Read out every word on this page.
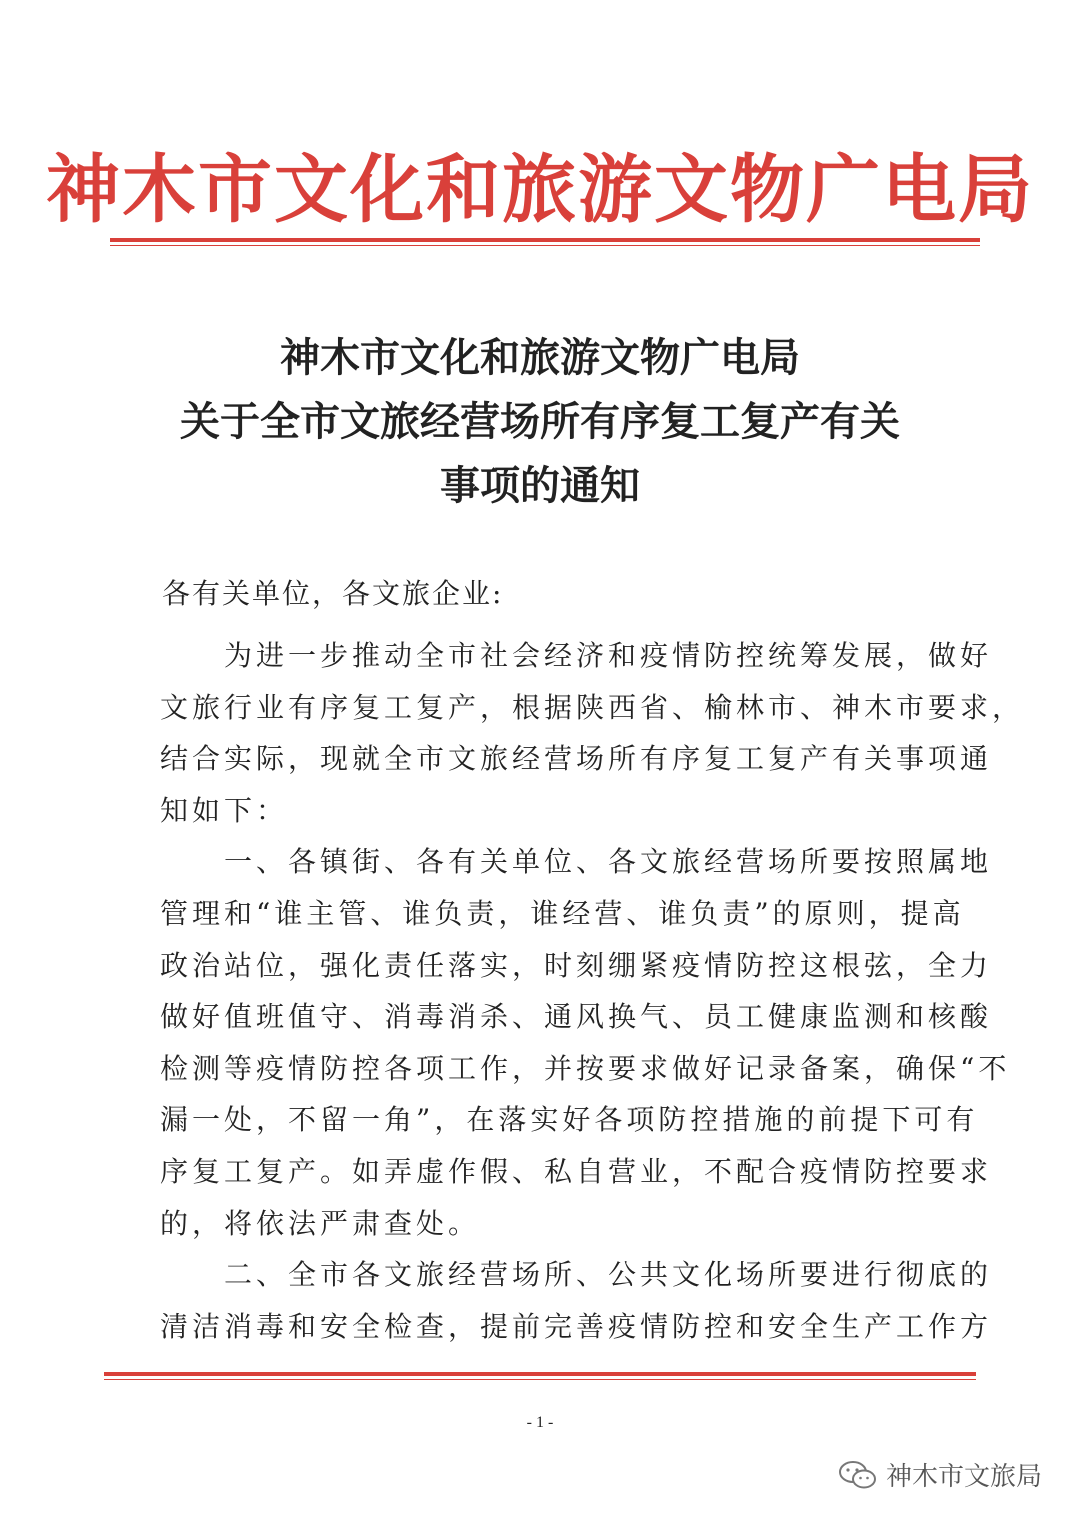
神木市文化和旅游文物广电局
神木市文化和旅游文物广电局
关于全市文旅经营场所有序复工复产有关
事项的通知
各有关单位，各文旅企业:
　　为进一步推动全市社会经济和疫情防控统筹发展，做好
文旅行业有序复工复产，根据陕西省、榆林市、神木市要求，
结合实际，现就全市文旅经营场所有序复工复产有关事项通
知如下：
　　一、各镇街、各有关单位、各文旅经营场所要按照属地
管理和“谁主管、谁负责，谁经营、谁负责”的原则，提高
政治站位，强化责任落实，时刻绷紧疫情防控这根弦，全力
做好值班值守、消毒消杀、通风换气、员工健康监测和核酸
检测等疫情防控各项工作，并按要求做好记录备案，确保“不
漏一处，不留一角”，在落实好各项防控措施的前提下可有
序复工复产。如弄虚作假、私自营业，不配合疫情防控要求
的，将依法严肃查处。
　　二、全市各文旅经营场所、公共文化场所要进行彻底的
清洁消毒和安全检查，提前完善疫情防控和安全生产工作方
- 1 -
神木市文旅局
